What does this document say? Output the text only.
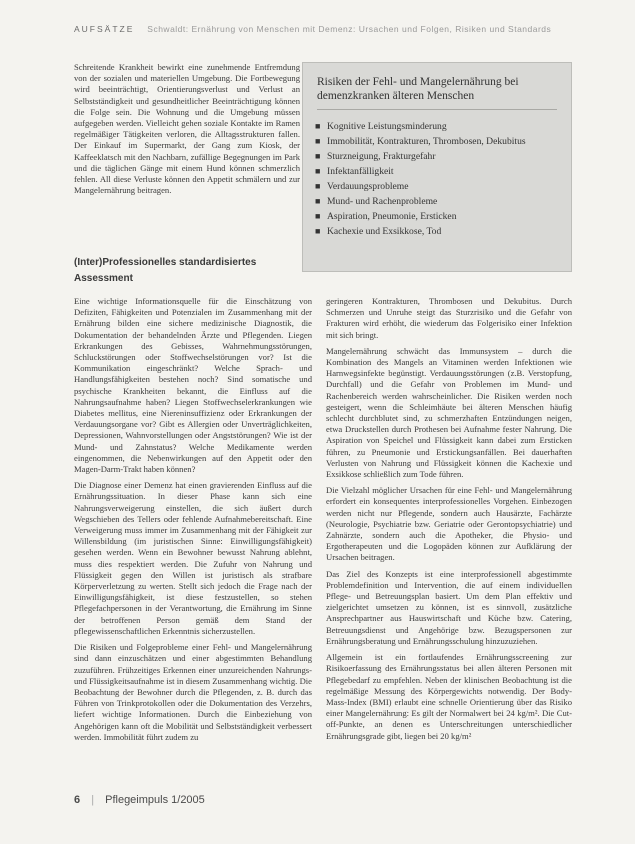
AUFSÄTZE Schwaldt: Ernährung von Menschen mit Demenz: Ursachen und Folgen, Risiken und Standards

Schreitende Krankheit bewirkt eine zunehmende Entfremdung von der sozialen und materiellen Umgebung. Die Fortbewegung wird beeinträchtigt, Orientierungsverlust und Verlust an Selbstständigkeit und gesundheitlicher Beeinträchtigung können die Folge sein. Die Wohnung und die Umgebung müssen aufgegeben werden. Vielleicht gehen soziale Kontakte im Ramen regelmäßiger Tätigkeiten verloren, die Alltagsstrukturen fallen. Der Einkauf im Supermarkt, der Gang zum Kiosk, der Kaffeeklatsch mit den Nachbarn, zufällige Begegnungen im Park und die täglichen Gänge mit einem Hund können schmerzlich fehlen. All diese Verluste können den Appetit schmälern und zur Mangelernährung beitragen.

Risiken der Fehl- und Mangelernährung bei demenzkranken älteren Menschen
■ Kognitive Leistungsminderung
■ Immobilität, Kontrakturen, Thrombosen, Dekubitus
■ Sturzneigung, Frakturgefahr
■ Infektanfälligkeit
■ Verdauungsprobleme
■ Mund- und Rachenprobleme
■ Aspiration, Pneumonie, Ersticken
■ Kachexie und Exsikkose, Tod
(Inter)Professionelles standardisiertes Assessment

Eine wichtige Informationsquelle für die Einschätzung von Defiziten, Fähigkeiten und Potenzialen im Zusammenhang mit der Ernährung bilden eine sichere medizinische Diagnostik, die Dokumentation der behandelnden Ärzte und Pflegenden. Liegen Erkrankungen des Gebisses, Wahrnehmungsstörungen, Schluckstörungen oder Stoffwechselstörungen vor? Ist die Kommunikation eingeschränkt? Welche Sprach- und Handlungsfähigkeiten bestehen noch? Sind somatische und psychische Krankheiten bekannt, die Einfluss auf die Nahrungsaufnahme haben? Liegen Stoffwechselerkrankungen wie Diabetes mellitus, eine Niereninsuffizienz oder Erkrankungen der Verdauungsorgane vor? Gibt es Allergien oder Unverträglichkeiten, Depressionen, Wahnvorstellungen oder Angststörungen? Wie ist der Mund- und Zahnstatus? Welche Medikamente werden eingenommen, die Nebenwirkungen auf den Appetit oder den Magen-Darm-Trakt haben können?

Die Diagnose einer Demenz hat einen gravierenden Einfluss auf die Ernährungssituation. In dieser Phase kann sich eine Nahrungsverweigerung einstellen, die sich äußert durch Wegschieben des Tellers oder fehlende Aufnahmebereitschaft. Eine Verweigerung muss immer im Zusammenhang mit der Fähigkeit zur Willensbildung (im juristischen Sinne: Einwilligungsfähigkeit) gesehen werden. Wenn ein Bewohner bewusst Nahrung ablehnt, muss dies respektiert werden. Die Zufuhr von Nahrung und Flüssigkeit gegen den Willen ist juristisch als strafbare Körperverletzung zu werten. Stellt sich jedoch die Frage nach der Einwilligungsfähigkeit, ist diese festzustellen, so stehen Pflegefachpersonen in der Verantwortung, die Ernährung im Sinne der betroffenen Person gemäß dem Stand der pflegewissenschaftlichen Erkenntnis sicherzustellen.

Die Risiken und Folgeprobleme einer Fehl- und Mangelernährung sind dann einzuschätzen und einer abgestimmten Behandlung zuzuführen. Frühzeitiges Erkennen einer unzureichenden Nahrungs- und Flüssigkeitsaufnahme ist in diesem Zusammenhang wichtig. Die Beobachtung der Bewohner durch die Pflegenden, z. B. durch das Führen von Trinkprotokollen oder die Dokumentation des Verzehrs, liefert wichtige Informationen. Durch die Einbeziehung von Angehörigen kann oft die Mobilität und Selbstständigkeit verbessert werden. Immobilität führt zudem zu

geringeren Kontrakturen, Thrombosen und Dekubitus. Durch Schmerzen und Unruhe steigt das Sturzrisiko und die Gefahr von Frakturen wird erhöht, die wiederum das Folgerisiko einer Infektion mit sich bringt.

Mangelernährung schwächt das Immunsystem – durch die Kombination des Mangels an Vitaminen werden Infektionen wie Harnwegsinfekte begünstigt. Verdauungsstörungen (z.B. Verstopfung, Durchfall) und die Gefahr von Problemen im Mund- und Rachenbereich werden wahrscheinlicher. Die Risiken werden noch gesteigert, wenn die Schleimhäute bei älteren Menschen häufig schlecht durchblutet sind, zu schmerzhaften Entzündungen neigen, etwa Druckstellen durch Prothesen bei Aufnahme fester Nahrung. Die Aspiration von Speichel und Flüssigkeit kann dabei zum Ersticken führen, zu Pneumonie und Erstickungsanfällen. Bei dauerhaften Verlusten von Nahrung und Flüssigkeit können die Kachexie und Exsikkose schließlich zum Tode führen.

Die Vielzahl möglicher Ursachen für eine Fehl- und Mangelernährung erfordert ein konsequentes interprofessionelles Vorgehen. Einbezogen werden nicht nur Pflegende, sondern auch Hausärzte, Fachärzte (Neurologie, Psychiatrie bzw. Geriatrie oder Gerontopsychiatrie) und Zahnärzte, sondern auch die Apotheker, die Physio- und Ergotherapeuten und die Logopäden können zur Aufklärung der Ursachen beitragen.

Das Ziel des Konzepts ist eine interprofessionell abgestimmte Problemdefinition und Intervention, die auf einem individuellen Pflege- und Betreuungsplan basiert. Um dem Plan effektiv und zielgerichtet umsetzen zu können, ist es sinnvoll, zusätzliche Ansprechpartner aus Hauswirtschaft und Küche bzw. Catering, Betreuungsdienst und Angehörige bzw. Bezugspersonen zur Ernährungsberatung und Ernährungsschulung hinzuzuziehen.

Allgemein ist ein fortlaufendes Ernährungsscreening zur Risikoerfassung des Ernährungsstatus bei allen älteren Personen mit Pflegebedarf zu empfehlen. Neben der klinischen Beobachtung ist die regelmäßige Messung des Körpergewichts notwendig. Der Body-Mass-Index (BMI) erlaubt eine schnelle Orientierung über das Risiko einer Mangelernährung: Es gilt der Normalwert bei 24 kg/m². Die Cut-off-Punkte, an denen es Unterschreitungen unterschiedlicher Ernährungsgrade gibt, liegen bei 20 kg/m²

6 | Pflegeimpuls 1/2005
